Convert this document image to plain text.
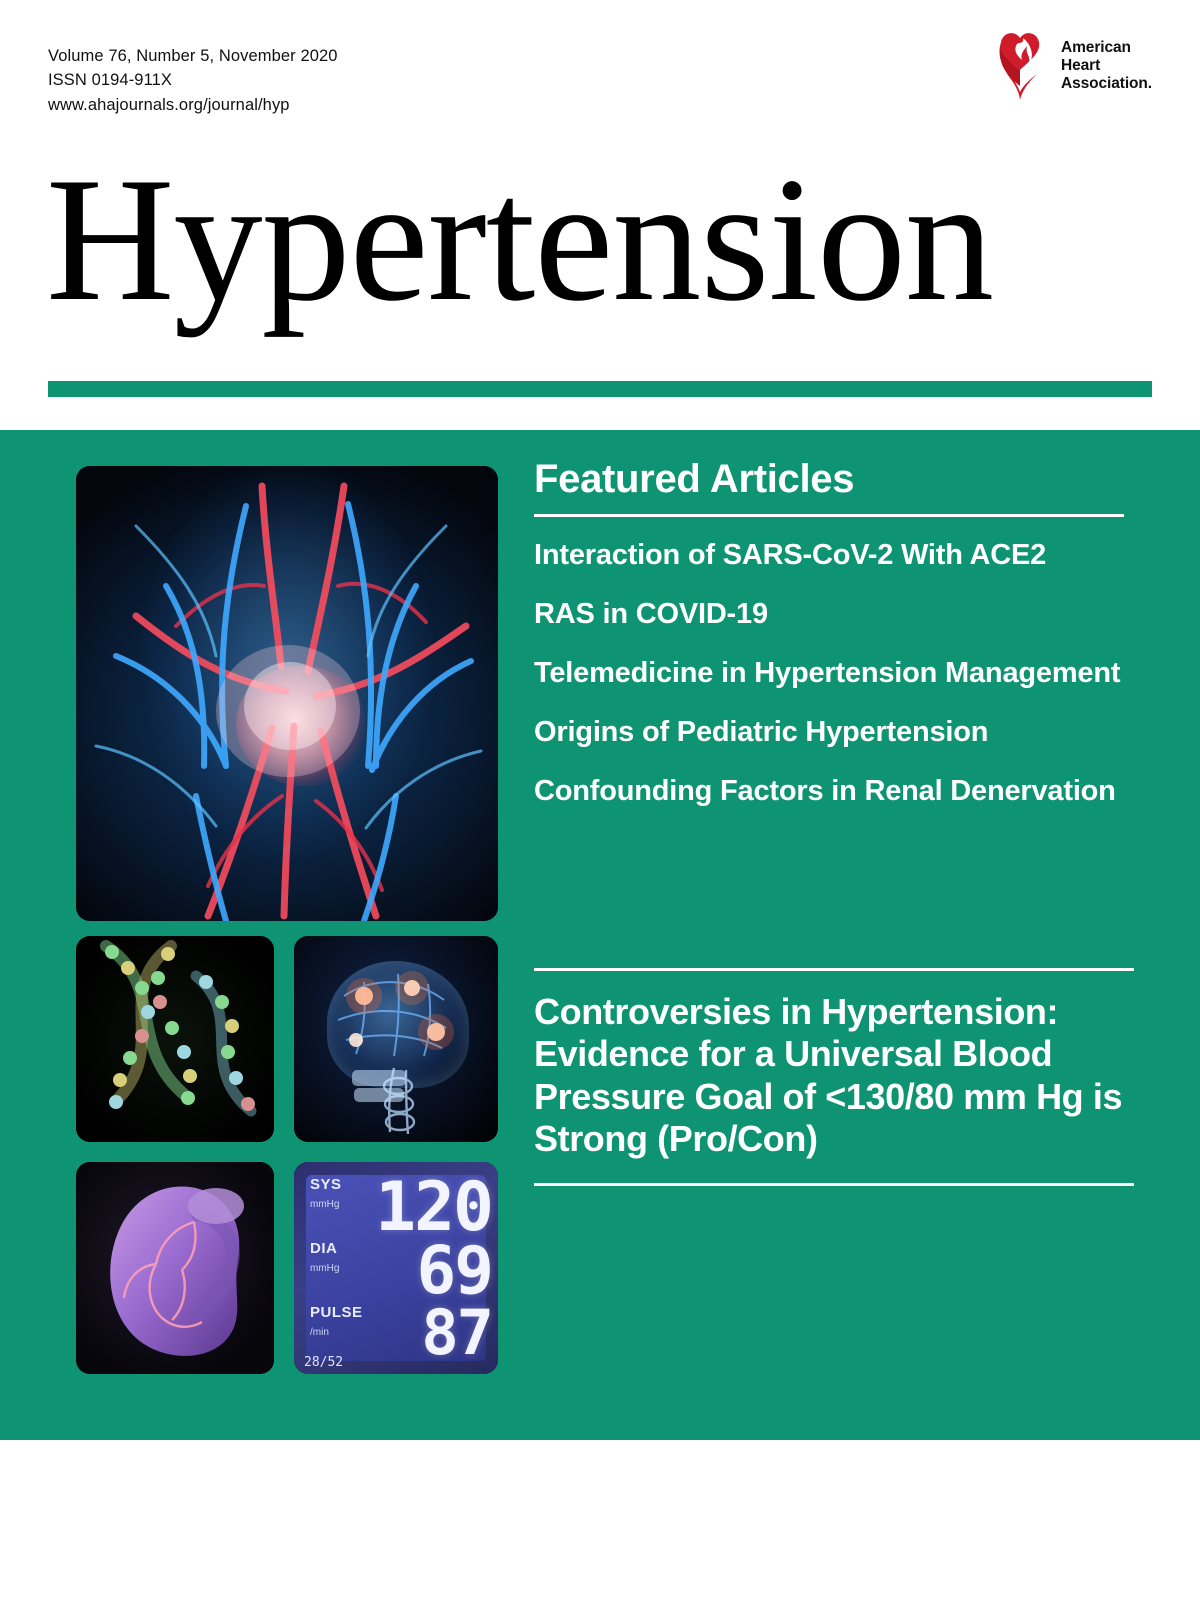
Volume 76, Number 5, November 2020
ISSN 0194-911X
www.ahajournals.org/journal/hyp
American
Heart
Association.
Hypertension
SYS
mmHg 120
DIA
mmHg 69
PULSE
/min	87
28/52
Featured Articles
Interaction of SARS-CoV-2 With ACE2
RAS in COVID-19
Telemedicine in Hypertension Management
Origins of Pediatric Hypertension
Confounding Factors in Renal Denervation
Controversies in Hypertension: Evidence for a Universal Blood Pressure Goal of <130/80 mm Hg is Strong (Pro/Con)
